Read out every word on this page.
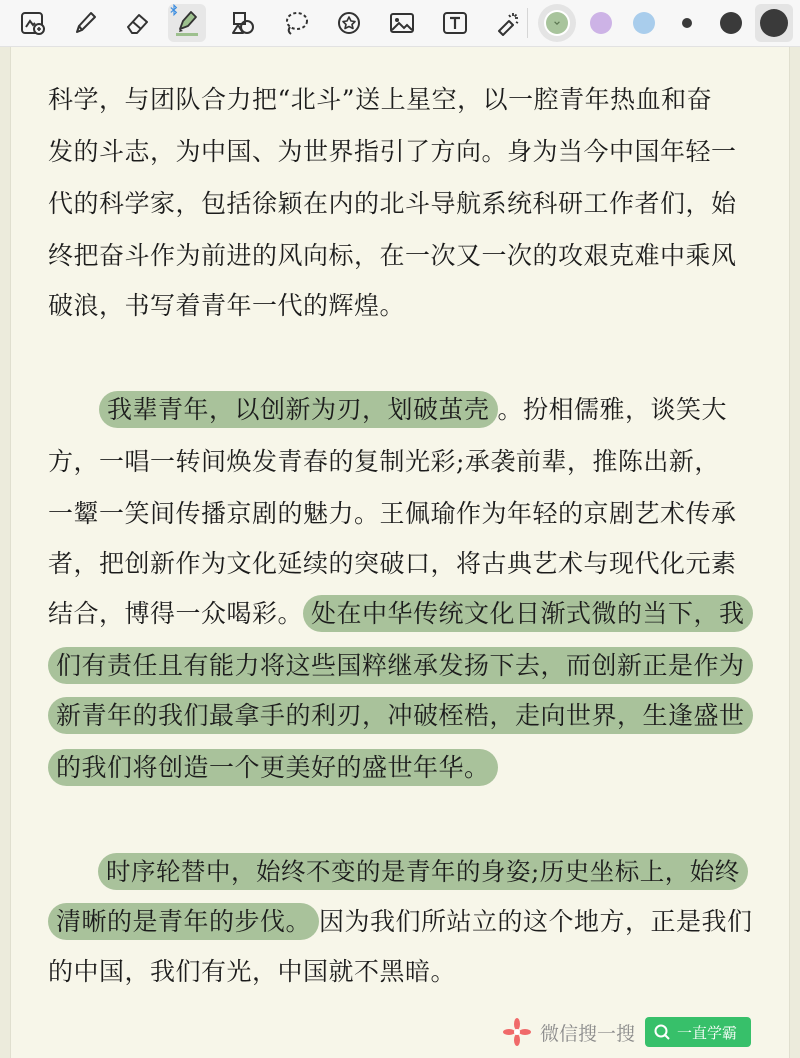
科学，与团队合力把“北斗”送上星空，以一腔青年热血和奋
发的斗志，为中国、为世界指引了方向。身为当今中国年轻一
代的科学家，包括徐颖在内的北斗导航系统科研工作者们，始
终把奋斗作为前进的风向标，在一次又一次的攻艰克难中乘风
破浪，书写着青年一代的辉煌。
　　我辈青年，以创新为刃，划破茧壳 。扮相儒雅，谈笑大
方，一唱一转间焕发青春的复制光彩;承袭前辈，推陈出新，
一颦一笑间传播京剧的魅力。王佩瑜作为年轻的京剧艺术传承
者，把创新作为文化延续的突破口，将古典艺术与现代化元素
结合，博得一众喝彩。 处在中华传统文化日渐式微的当下，我
们有责任且有能力将这些国粹继承发扬下去，而创新正是作为
新青年的我们最拿手的利刃，冲破桎梏，走向世界，生逢盛世
的我们将创造一个更美好的盛世年华。
　　时序轮替中，始终不变的是青年的身姿;历史坐标上，始终
清晰的是青年的步伐。 因为我们所站立的这个地方，正是我们
的中国，我们有光，中国就不黑暗。
微信搜一搜	一直学霸
